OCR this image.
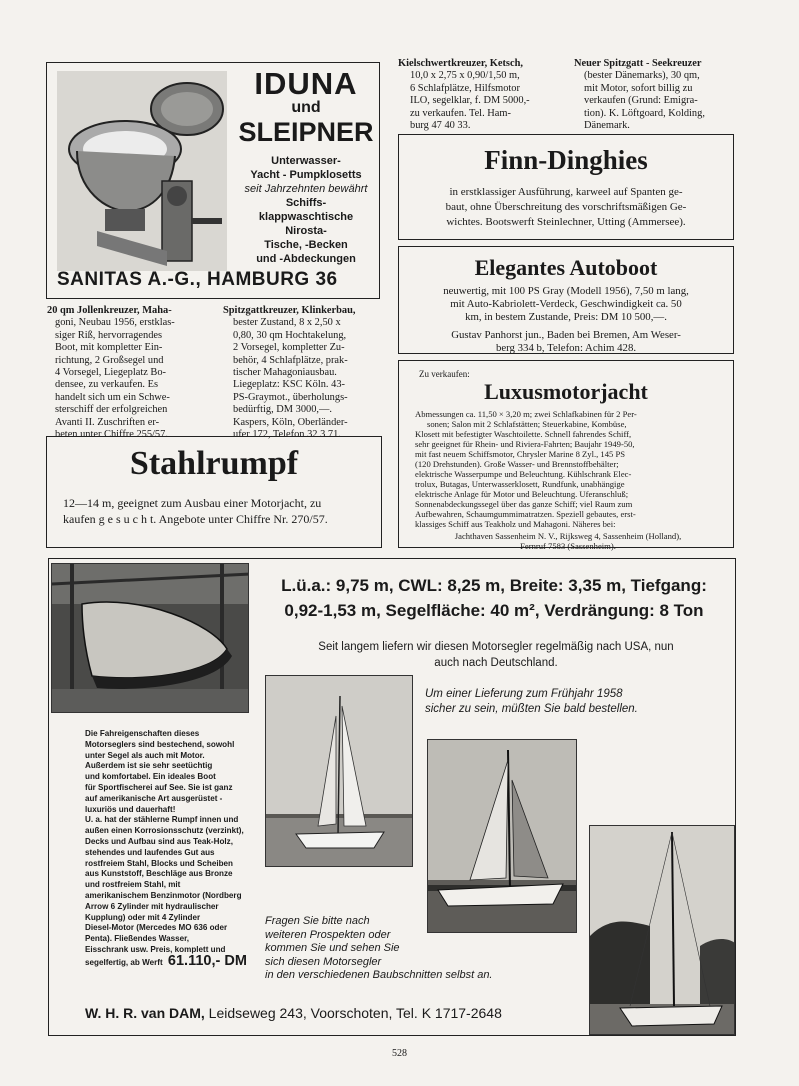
IDUNA
und
SLEIPNER
Unterwasser-
Yacht - Pumpklosetts
seit Jahrzehnten bewährt
Schiffs-
klappwaschtische
Nirosta-
Tische, -Becken
und -Abdeckungen
SANITAS A.-G., HAMBURG 36
20 qm Jollenkreuzer, Maha-
goni, Neubau 1956, erstklas-
siger Riß, hervorragendes
Boot, mit kompletter Ein-
richtung, 2 Großsegel und
4 Vorsegel, Liegeplatz Bo-
densee, zu verkaufen. Es
handelt sich um ein Schwe-
sterschiff der erfolgreichen
Avanti II. Zuschriften er-
beten unter Chiffre 255/57.
Spitzgattkreuzer, Klinkerbau,
bester Zustand, 8 x 2,50 x
0,80, 30 qm Hochtakelung,
2 Vorsegel, kompletter Zu-
behör, 4 Schlafplätze, prak-
tischer Mahagoniausbau.
Liegeplatz: KSC Köln. 43-
PS-Graymot., überholungs-
bedürftig, DM 3000,—.
Kaspers, Köln, Oberländer-
ufer 172, Telefon 32 3 71.
Stahlrumpf
12—14 m, geeignet zum Ausbau einer Motorjacht, zu
kaufen g e s u c h t. Angebote unter Chiffre Nr. 270/57.
Kielschwertkreuzer, Ketsch,
10,0 x 2,75 x 0,90/1,50 m,
6 Schlafplätze, Hilfsmotor
ILO, segelklar, f. DM 5000,-
zu verkaufen. Tel. Ham-
burg 47 40 33.
Neuer Spitzgatt - Seekreuzer
(bester Dänemarks), 30 qm,
mit Motor, sofort billig zu
verkaufen (Grund: Emigra-
tion). K. Löftgoard, Kolding,
Dänemark.
Finn-Dinghies
in erstklassiger Ausführung, karweel auf Spanten ge-
baut, ohne Überschreitung des vorschriftsmäßigen Ge-
wichtes. Bootswerft Steinlechner, Utting (Ammersee).
Elegantes Autoboot
neuwertig, mit 100 PS Gray (Modell 1956), 7,50 m lang,
mit Auto-Kabriolett-Verdeck, Geschwindigkeit ca. 50
km, in bestem Zustande, Preis: DM 10 500,—.
Gustav Panhorst jun., Baden bei Bremen, Am Weser-
berg 334 b, Telefon: Achim 428.
Zu verkaufen:
Luxusmotorjacht
Abmessungen ca. 11,50 × 3,20 m; zwei Schlafkabinen für 2 Per-
sonen; Salon mit 2 Schlafstätten; Steuerkabine, Kombüse,
Klosett mit befestigter Waschtoilette. Schnell fahrendes Schiff,
sehr geeignet für Rhein- und Riviera-Fahrten; Baujahr 1949-50,
mit fast neuem Schiffsmotor, Chrysler Marine 8 Zyl., 145 PS
(120 Drehstunden). Große Wasser- und Brennstoffbehälter;
elektrische Wasserpumpe und Beleuchtung. Kühlschrank Elec-
trolux, Butagas, Unterwasserklosett, Rundfunk, unabhängige
elektrische Anlage für Motor und Beleuchtung. Uferanschluß;
Sonnenabdeckungssegel über das ganze Schiff; viel Raum zum
Aufbewahren, Schaumgummimatratzen. Speziell gebautes, erst-
klassiges Schiff aus Teakholz und Mahagoni. Näheres bei:
Jachthaven Sassenheim N. V., Rijksweg 4, Sassenheim (Holland),
Fernruf 7583 (Sassenheim).
L.ü.a.: 9,75 m, CWL: 8,25 m, Breite: 3,35 m, Tiefgang:
0,92-1,53 m, Segelfläche: 40 m², Verdrängung: 8 Ton
Seit langem liefern wir diesen Motorsegler regelmäßig nach USA, nun
auch nach Deutschland.
Um einer Lieferung zum Frühjahr 1958
sicher zu sein, müßten Sie bald bestellen.
Die Fahreigenschaften dieses
Motorseglers sind bestechend, sowohl
unter Segel als auch mit Motor.
Außerdem ist sie sehr seetüchtig
und komfortabel. Ein ideales Boot
für Sportfischerei auf See. Sie ist ganz
auf amerikanische Art ausgerüstet -
luxuriös und dauerhaft!
U. a. hat der stählerne Rumpf innen und
außen einen Korrosionsschutz (verzinkt),
Decks und Aufbau sind aus Teak-Holz,
stehendes und laufendes Gut aus
rostfreiem Stahl, Blocks und Scheiben
aus Kunststoff, Beschläge aus Bronze
und rostfreiem Stahl, mit
amerikanischem Benzinmotor (Nordberg
Arrow 6 Zylinder mit hydraulischer
Kupplung) oder mit 4 Zylinder
Diesel-Motor (Mercedes MO 636 oder
Penta). Fließendes Wasser,
Eisschrank usw. Preis, komplett und
segelfertig, ab Werft 61.110,- DM
Fragen Sie bitte nach
weiteren Prospekten oder
kommen Sie und sehen Sie
sich diesen Motorsegler
in den verschiedenen Baubschnitten selbst an.
W. H. R. van DAM, Leidseweg 243, Voorschoten, Tel. K 1717-2648
528
